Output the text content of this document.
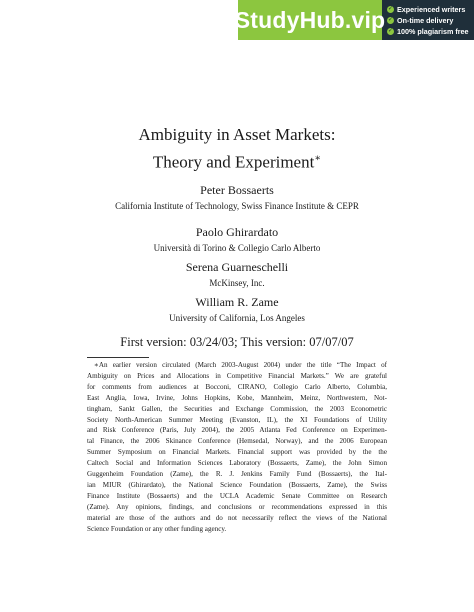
StudyHub.vip ✓ Experienced writers
✓ On-time delivery
✓ 100% plagiarism free
Ambiguity in Asset Markets:
Theory and Experiment∗
Peter Bossaerts
California Institute of Technology, Swiss Finance Institute & CEPR
Paolo Ghirardato
Università di Torino & Collegio Carlo Alberto
Serena Guarneschelli
McKinsey, Inc.
William R. Zame
University of California, Los Angeles
First version: 03/24/03; This version: 07/07/07
∗An earlier version circulated (March 2003-August 2004) under the title “The Impact of
Ambiguity on Prices and Allocations in Competitive Financial Markets.” We are grateful
for comments from audiences at Bocconi, CIRANO, Collegio Carlo Alberto, Columbia,
East Anglia, Iowa, Irvine, Johns Hopkins, Kobe, Mannheim, Meinz, Northwestern, Not-
tingham, Sankt Gallen, the Securities and Exchange Commission, the 2003 Econometric
Society North-American Summer Meeting (Evanston, IL), the XI Foundations of Utility
and Risk Conference (Paris, July 2004), the 2005 Atlanta Fed Conference on Experimen-
tal Finance, the 2006 Skinance Conference (Hemsedal, Norway), and the 2006 European
Summer Symposium on Financial Markets. Financial support was provided by the the
Caltech Social and Information Sciences Laboratory (Bossaerts, Zame), the John Simon
Guggenheim Foundation (Zame), the R. J. Jenkins Family Fund (Bossaerts), the Ital-
ian MIUR (Ghirardato), the National Science Foundation (Bossaerts, Zame), the Swiss
Finance Institute (Bossaerts) and the UCLA Academic Senate Committee on Research
(Zame). Any opinions, findings, and conclusions or recommendations expressed in this
material are those of the authors and do not necessarily reflect the views of the National
Science Foundation or any other funding agency.
